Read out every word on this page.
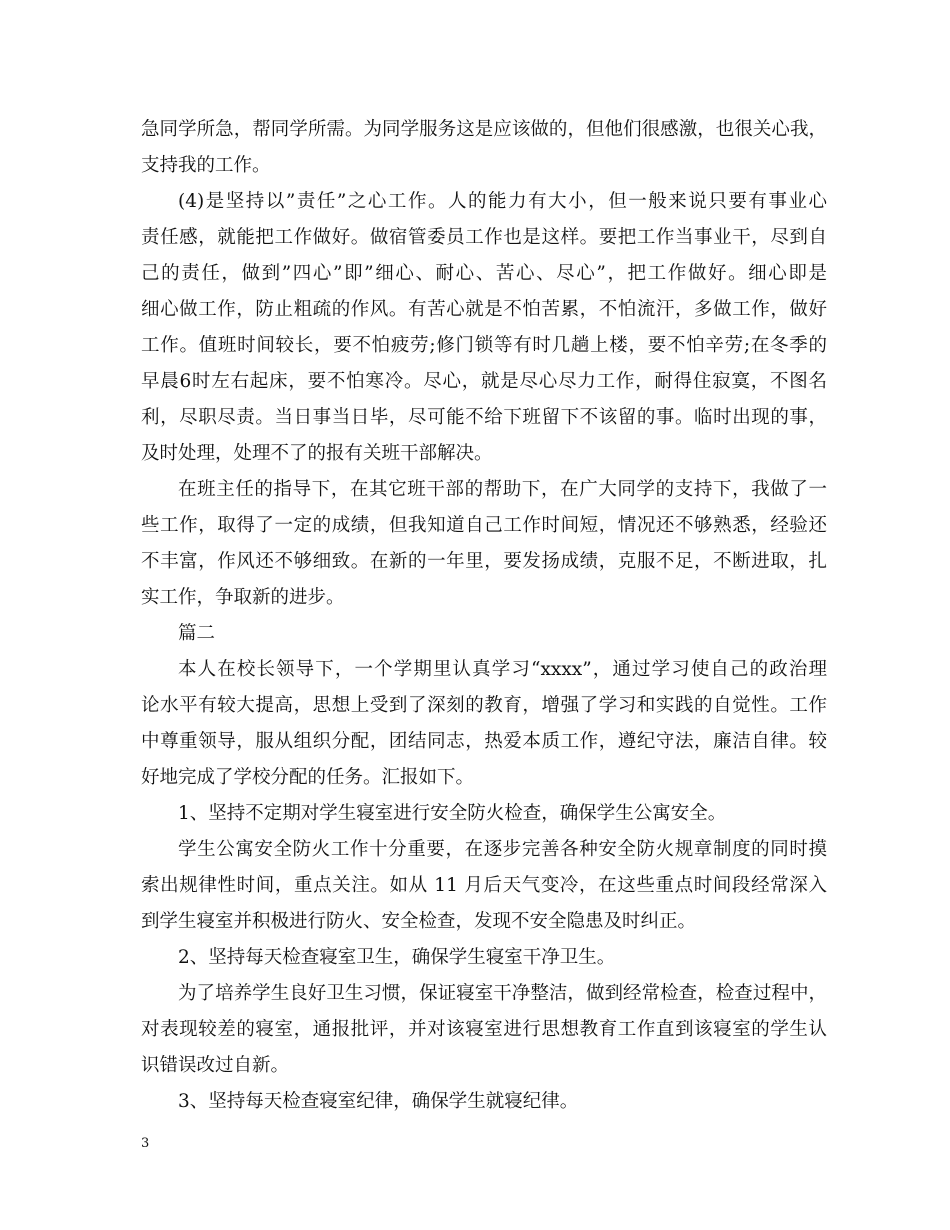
急同学所急，帮同学所需。为同学服务这是应该做的，但他们很感激，也很关心我，
支持我的工作。
(4)是坚持以”责任”之心工作。人的能力有大小，但一般来说只要有事业心
责任感，就能把工作做好。做宿管委员工作也是这样。要把工作当事业干，尽到自
己的责任，做到”四心”即”细心、耐心、苦心、尽心”，把工作做好。细心即是
细心做工作，防止粗疏的作风。有苦心就是不怕苦累，不怕流汗，多做工作，做好
工作。值班时间较长，要不怕疲劳;修门锁等有时几趟上楼，要不怕辛劳;在冬季的
早晨6时左右起床，要不怕寒冷。尽心，就是尽心尽力工作，耐得住寂寞，不图名
利，尽职尽责。当日事当日毕，尽可能不给下班留下不该留的事。临时出现的事，
及时处理，处理不了的报有关班干部解决。
在班主任的指导下，在其它班干部的帮助下，在广大同学的支持下，我做了一
些工作，取得了一定的成绩，但我知道自己工作时间短，情况还不够熟悉，经验还
不丰富，作风还不够细致。在新的一年里，要发扬成绩，克服不足，不断进取，扎
实工作，争取新的进步。
篇二
本人在校长领导下，一个学期里认真学习“xxxx”，通过学习使自己的政治理
论水平有较大提高，思想上受到了深刻的教育，增强了学习和实践的自觉性。工作
中尊重领导，服从组织分配，团结同志，热爱本质工作，遵纪守法，廉洁自律。较
好地完成了学校分配的任务。汇报如下。
1、坚持不定期对学生寝室进行安全防火检查，确保学生公寓安全。
学生公寓安全防火工作十分重要，在逐步完善各种安全防火规章制度的同时摸
索出规律性时间，重点关注。如从 11 月后天气变冷，在这些重点时间段经常深入
到学生寝室并积极进行防火、安全检查，发现不安全隐患及时纠正。
2、坚持每天检查寝室卫生，确保学生寝室干净卫生。
为了培养学生良好卫生习惯，保证寝室干净整洁，做到经常检查，检查过程中，
对表现较差的寝室，通报批评，并对该寝室进行思想教育工作直到该寝室的学生认
识错误改过自新。
3、坚持每天检查寝室纪律，确保学生就寝纪律。
3
